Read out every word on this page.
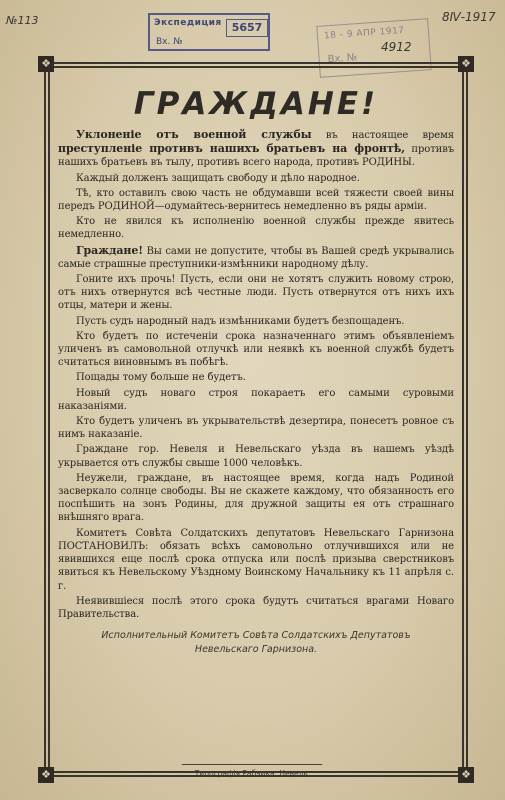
№113	8Ⅳ-1917
4912
Экспедиция
Вх. №
5657	18 - 9 АПР 1917
Вх. №
❖	❖
❖	❖
ГРАЖДАНЕ!

Уклоненіе отъ военной службы въ настоящее время преступленіе противъ нашихъ братьевъ на фронтѣ, противъ нашихъ братьевъ въ тылу, противъ всего народа, противъ РОДИНЫ.

Каждый долженъ защищать свободу и дѣло народное.

Тѣ, кто оставилъ свою часть не обдумавши всей тяжести своей вины передъ РОДИНОЙ—одумайтесь-вернитесь немедленно въ ряды арміи.

Кто не явился къ исполненію военной службы прежде явитесь немедленно.

Граждане! Вы сами не допустите, чтобы въ Вашей средѣ укрывались самые страшные преступники-измѣнники народному дѣлу.

Гоните ихъ прочь! Пусть, если они не хотятъ служить новому строю, отъ нихъ отвернутся всѣ честные люди. Пусть отвернутся отъ нихъ ихъ отцы, матери и жены.

Пусть судъ народный надъ измѣнниками будетъ безпощаденъ.

Кто будетъ по истеченіи срока назначеннаго этимъ объявленіемъ уличенъ въ самовольной отлучкѣ или неявкѣ къ военной службѣ будетъ считаться виновнымъ въ побѣгѣ.

Пощады тому больше не будетъ.

Новый судъ новаго строя покараетъ его самыми суровыми наказаніями.

Кто будетъ уличенъ въ укрывательствѣ дезертира, понесетъ ровное съ нимъ наказаніе.

Граждане гор. Невеля и Невельскаго уѣзда въ нашемъ уѣздѣ укрывается отъ службы свыше 1000 человѣкъ.

Неужели, граждане, въ настоящее время, когда надъ Родиной засверкало солнце свободы. Вы не скажете каждому, что обязанность его поспѣшить на зонъ Родины, для дружной защиты ея отъ страшнаго внѣшняго врага.

Комитетъ Совѣта Солдатскихъ депутатовъ Невельскаго Гарнизона ПОСТАНОВИЛЪ: обязать всѣхъ самовольно отлучившихся или не явившихся еще послѣ срока отпуска или послѣ призыва сверстниковъ явиться къ Невельскому Уѣздному Воинскому Начальнику къ 11 апрѣля с. г.

Неявившіеся послѣ этого срока будутъ считаться врагами Новаго Правительства.

Исполнительный Комитетъ Совѣта Солдатскихъ Депутатовъ
Невельскаго Гарнизона.
Типографія Рабчика. Невель.
